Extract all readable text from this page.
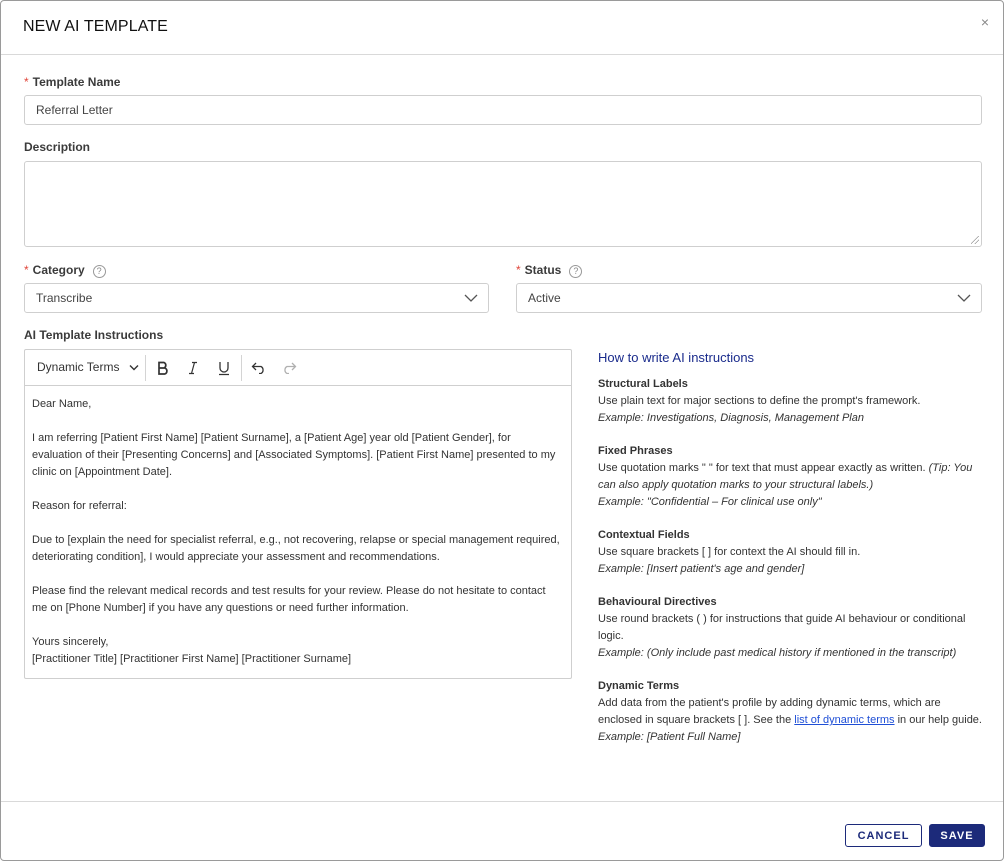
NEW AI TEMPLATE	×
* Template Name
Referral Letter
Description
* Category ?
Transcribe
* Status ?
Active
AI Template Instructions
Dynamic Terms

Dear Name,

I am referring [Patient First Name] [Patient Surname], a [Patient Age] year old [Patient Gender], for evaluation of their [Presenting Concerns] and [Associated Symptoms]. [Patient First Name] presented to my clinic on [Appointment Date].

Reason for referral:

Due to [explain the need for specialist referral, e.g., not recovering, relapse or special management required, deteriorating condition], I would appreciate your assessment and recommendations.

Please find the relevant medical records and test results for your review. Please do not hesitate to contact me on [Phone Number] if you have any questions or need further information.

Yours sincerely,

[Practitioner Title] [Practitioner First Name] [Practitioner Surname]

How to write AI instructions
Structural Labels
Use plain text for major sections to define the prompt's framework.
Example: Investigations, Diagnosis, Management Plan
Fixed Phrases
Use quotation marks " " for text that must appear exactly as written. (Tip: You can also apply quotation marks to your structural labels.)
Example: "Confidential – For clinical use only"
Contextual Fields
Use square brackets [ ] for context the AI should fill in.
Example: [Insert patient's age and gender]
Behavioural Directives
Use round brackets ( ) for instructions that guide AI behaviour or conditional logic.
Example: (Only include past medical history if mentioned in the transcript)
Dynamic Terms
Add data from the patient's profile by adding dynamic terms, which are enclosed in square brackets [ ]. See the list of dynamic terms in our help guide.
Example: [Patient Full Name]
CANCEL	SAVE
